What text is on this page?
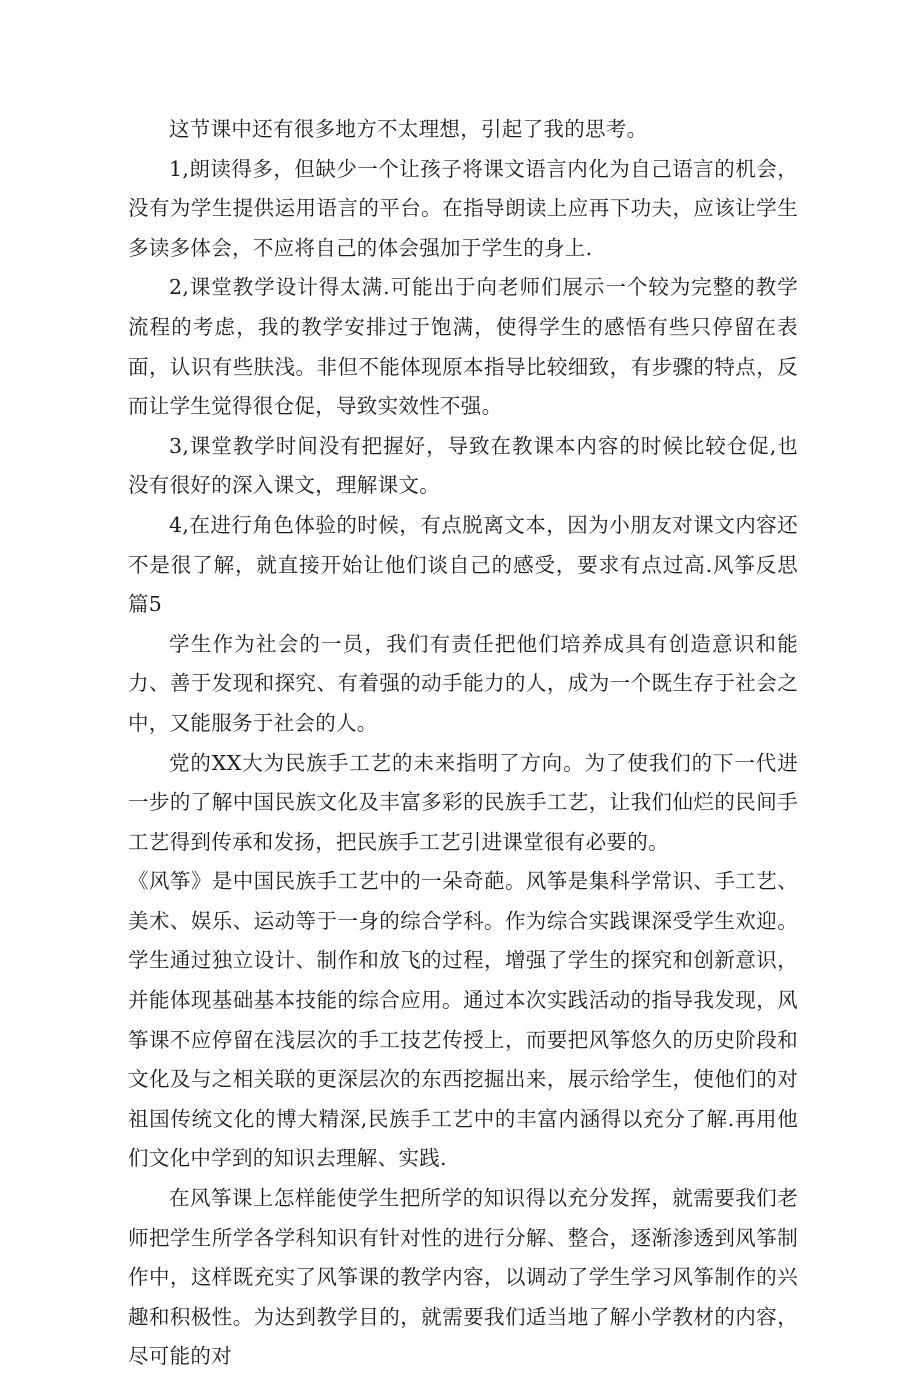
这节课中还有很多地方不太理想，引起了我的思考。

1,朗读得多，但缺少一个让孩子将课文语言内化为自己语言的机会，没有为学生提供运用语言的平台。在指导朗读上应再下功夫，应该让学生多读多体会，不应将自己的体会强加于学生的身上.

2,课堂教学设计得太满.可能出于向老师们展示一个较为完整的教学流程的考虑，我的教学安排过于饱满，使得学生的感悟有些只停留在表面，认识有些肤浅。非但不能体现原本指导比较细致，有步骤的特点，反而让学生觉得很仓促，导致实效性不强。

3,课堂教学时间没有把握好，导致在教课本内容的时候比较仓促,也没有很好的深入课文，理解课文。

4,在进行角色体验的时候，有点脱离文本，因为小朋友对课文内容还不是很了解，就直接开始让他们谈自己的感受，要求有点过高.风筝反思篇5

学生作为社会的一员，我们有责任把他们培养成具有创造意识和能力、善于发现和探究、有着强的动手能力的人，成为一个既生存于社会之中，又能服务于社会的人。

党的XX大为民族手工艺的未来指明了方向。为了使我们的下一代进一步的了解中国民族文化及丰富多彩的民族手工艺，让我们仙烂的民间手工艺得到传承和发扬，把民族手工艺引进课堂很有必要的。

《风筝》是中国民族手工艺中的一朵奇葩。风筝是集科学常识、手工艺、美术、娱乐、运动等于一身的综合学科。作为综合实践课深受学生欢迎。学生通过独立设计、制作和放飞的过程，增强了学生的探究和创新意识，并能体现基础基本技能的综合应用。通过本次实践活动的指导我发现，风筝课不应停留在浅层次的手工技艺传授上，而要把风筝悠久的历史阶段和文化及与之相关联的更深层次的东西挖掘出来，展示给学生，使他们的对祖国传统文化的博大精深,民族手工艺中的丰富内涵得以充分了解.再用他们文化中学到的知识去理解、实践.

在风筝课上怎样能使学生把所学的知识得以充分发挥，就需要我们老师把学生所学各学科知识有针对性的进行分解、整合，逐渐渗透到风筝制作中，这样既充实了风筝课的教学内容，以调动了学生学习风筝制作的兴趣和积极性。为达到教学目的，就需要我们适当地了解小学教材的内容，尽可能的对
